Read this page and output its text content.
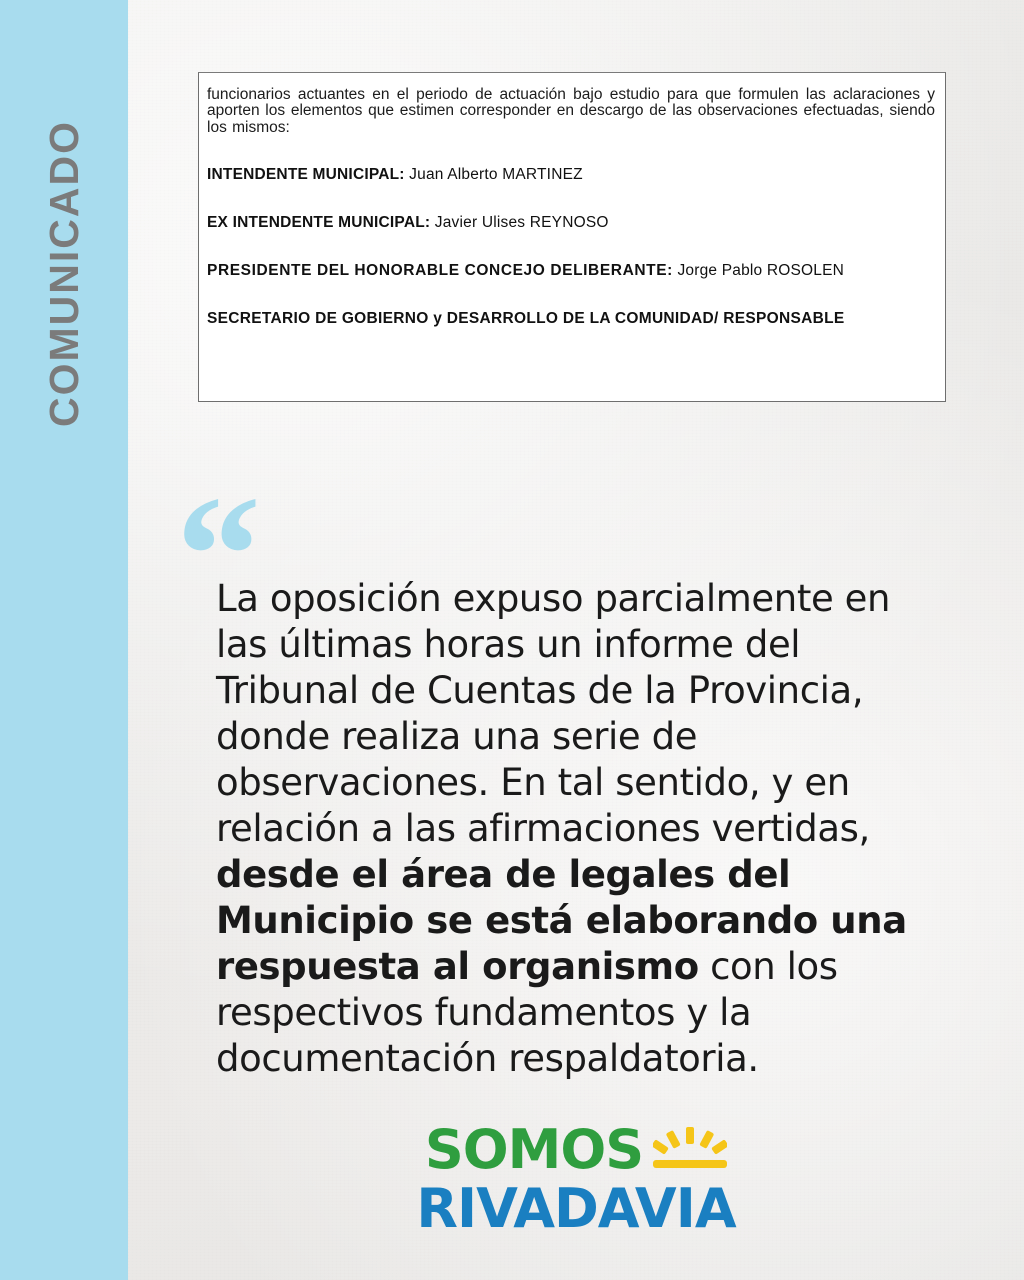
COMUNICADO

funcionarios actuantes en el periodo de actuación bajo estudio para que formulen las aclaraciones y aporten los elementos que estimen corresponder en descargo de las observaciones efectuadas, siendo los mismos:

INTENDENTE MUNICIPAL: Juan Alberto MARTINEZ

EX INTENDENTE MUNICIPAL: Javier Ulises REYNOSO

PRESIDENTE DEL HONORABLE CONCEJO DELIBERANTE: Jorge Pablo ROSOLEN

SECRETARIO DE GOBIERNO y DESARROLLO DE LA COMUNIDAD/ RESPONSABLE

“
La oposición expuso parcialmente en las últimas horas un informe del Tribunal de Cuentas de la Provincia, donde realiza una serie de observaciones. En tal sentido, y en relación a las afirmaciones vertidas, desde el área de legales del Municipio se está elaborando una respuesta al organismo con los respectivos fundamentos y la documentación respaldatoria.
SOMOS
RIVADAVIA
